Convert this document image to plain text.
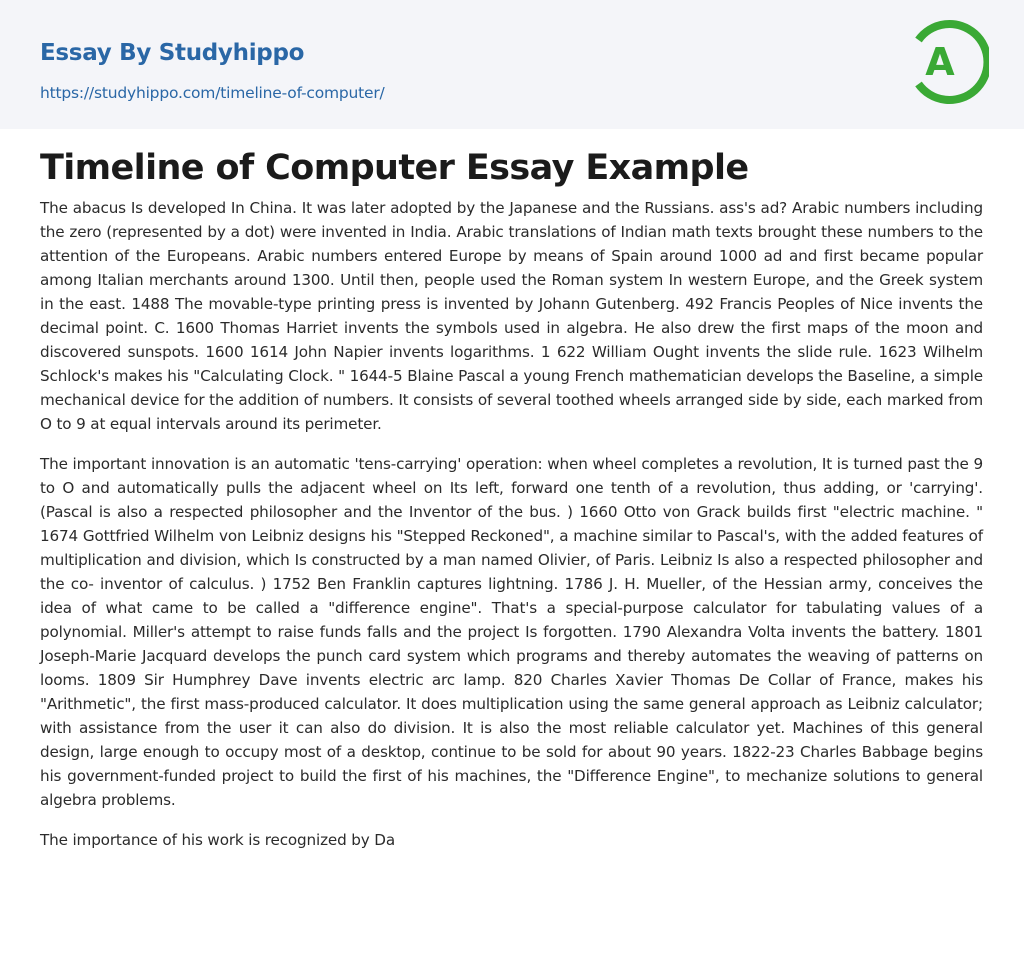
Essay By Studyhippo
https://studyhippo.com/timeline-of-computer/
A
Timeline of Computer Essay Example

The abacus Is developed In China. It was later adopted by the Japanese and the Russians. ass's ad? Arabic numbers including the zero (represented by a dot) were invented in India. Arabic translations of Indian math texts brought these numbers to the attention of the Europeans. Arabic numbers entered Europe by means of Spain around 1000 ad and first became popular among Italian merchants around 1300. Until then, people used the Roman system In western Europe, and the Greek system in the east. 1488 The movable-type printing press is invented by Johann Gutenberg. 492 Francis Peoples of Nice invents the decimal point. C. 1600 Thomas Harriet invents the symbols used in algebra. He also drew the first maps of the moon and discovered sunspots. 1600 1614 John Napier invents logarithms. 1 622 William Ought invents the slide rule. 1623 Wilhelm Schlock's makes his "Calculating Clock. " 1644-5 Blaine Pascal a young French mathematician develops the Baseline, a simple mechanical device for the addition of numbers. It consists of several toothed wheels arranged side by side, each marked from O to 9 at equal intervals around its perimeter.

The important innovation is an automatic 'tens-carrying' operation: when wheel completes a revolution, It is turned past the 9 to O and automatically pulls the adjacent wheel on Its left, forward one tenth of a revolution, thus adding, or 'carrying'. (Pascal is also a respected philosopher and the Inventor of the bus. ) 1660 Otto von Grack builds first "electric machine. " 1674 Gottfried Wilhelm von Leibniz designs his "Stepped Reckoned", a machine similar to Pascal's, with the added features of multiplication and division, which Is constructed by a man named Olivier, of Paris. Leibniz Is also a respected philosopher and the co- inventor of calculus. ) 1752 Ben Franklin captures lightning. 1786 J. H. Mueller, of the Hessian army, conceives the idea of what came to be called a "difference engine". That's a special-purpose calculator for tabulating values of a polynomial. Miller's attempt to raise funds falls and the project Is forgotten. 1790 Alexandra Volta invents the battery. 1801 Joseph-Marie Jacquard develops the punch card system which programs and thereby automates the weaving of patterns on looms. 1809 Sir Humphrey Dave invents electric arc lamp. 820 Charles Xavier Thomas De Collar of France, makes his "Arithmetic", the first mass-produced calculator. It does multiplication using the same general approach as Leibniz calculator; with assistance from the user it can also do division. It is also the most reliable calculator yet. Machines of this general design, large enough to occupy most of a desktop, continue to be sold for about 90 years. 1822-23 Charles Babbage begins his government-funded project to build the first of his machines, the "Difference Engine", to mechanize solutions to general algebra problems.

The importance of his work is recognized by Da
